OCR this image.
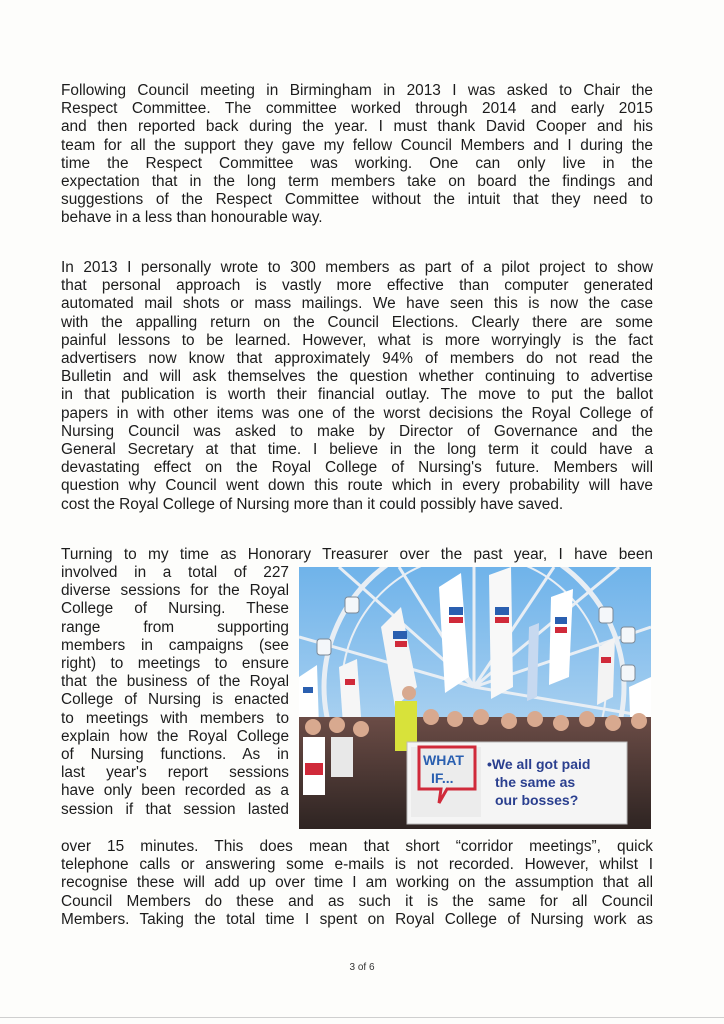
Following Council meeting in Birmingham in 2013 I was asked to Chair the
Respect Committee. The committee worked through 2014 and early 2015
and then reported back during the year. I must thank David Cooper and his
team for all the support they gave my fellow Council Members and I during the
time the Respect Committee was working. One can only live in the
expectation that in the long term members take on board the findings and
suggestions of the Respect Committee without the intuit that they need to
behave in a less than honourable way.
In 2013 I personally wrote to 300 members as part of a pilot project to show
that personal approach is vastly more effective than computer generated
automated mail shots or mass mailings. We have seen this is now the case
with the appalling return on the Council Elections. Clearly there are some
painful lessons to be learned. However, what is more worryingly is the fact
advertisers now know that approximately 94% of members do not read the
Bulletin and will ask themselves the question whether continuing to advertise
in that publication is worth their financial outlay. The move to put the ballot
papers in with other items was one of the worst decisions the Royal College of
Nursing Council was asked to make by Director of Governance and the
General Secretary at that time. I believe in the long term it could have a
devastating effect on the Royal College of Nursing's future. Members will
question why Council went down this route which in every probability will have
cost the Royal College of Nursing more than it could possibly have saved.
Turning to my time as Honorary Treasurer over the past year, I have been
involved in a total of 227
diverse sessions for the Royal
College of Nursing. These
range from supporting
members in campaigns (see
right) to meetings to ensure
that the business of the Royal
College of Nursing is enacted
to meetings with members to
explain how the Royal College
of Nursing functions. As in
last year's report sessions
have only been recorded as a
session if that session lasted
WHAT IF...
•We all got paid the same as our bosses?
over 15 minutes. This does mean that short “corridor meetings”, quick
telephone calls or answering some e-mails is not recorded. However, whilst I
recognise these will add up over time I am working on the assumption that all
Council Members do these and as such it is the same for all Council
Members. Taking the total time I spent on Royal College of Nursing work as
3 of 6
